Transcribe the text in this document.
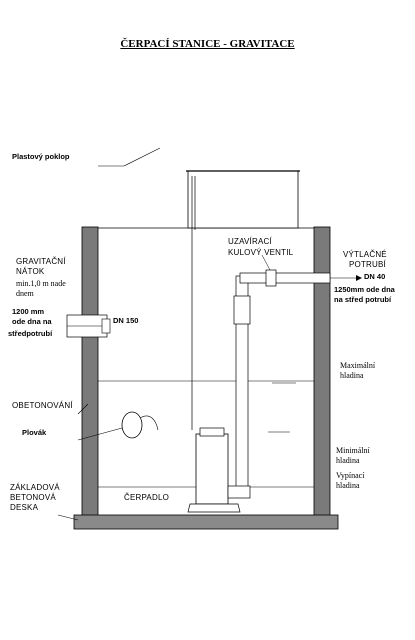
ČERPACÍ STANICE - GRAVITACE
Plastový poklop
GRAVITAČNÍ
NÁTOK
min.1,0 m nade
dnem
1200 mm
ode dna na
středpotrubí
DN 150
UZAVÍRACÍ
KULOVÝ VENTIL	VÝTLAČNÉ
POTRUBÍ
DN 40
1250mm ode dna
na střed potrubí
Maximální
hladina
OBETONOVÁNÍ
Plovák
Minimální
hladina
Vypínací
hladina
ZÁKLADOVÁ
BETONOVÁ
DESKA
ČERPADLO
